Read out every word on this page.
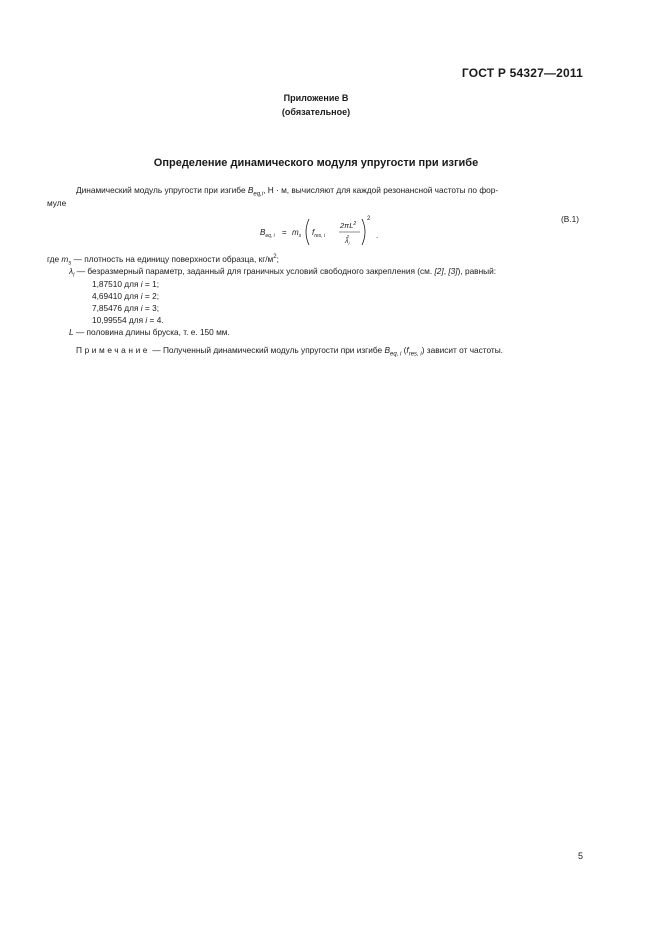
ГОСТ Р 54327—2011
Приложение В
(обязательное)
Определение динамического модуля упругости при изгибе
Динамический модуль упругости при изгибе $B_{eq,i}$, Н · м, вычисляют для каждой резонансной частоты по фор-
муле
$B_{eq, i} = m_s$ $f_{res, i}$
$2\pi L^2$
$\lambda_i2$
2
.
(В.1)
где $m_s$ — плотность на единицу поверхности образца, $кг/м^2$;
$\lambda_i$ — безразмерный параметр, заданный для граничных условий свободного закрепления (см. [2], [3]), равный:
1,87510 для i = 1;
4,69410 для i = 2;
7,85476 для i = 3;
10,99554 для i = 4.
L — половина длины бруска, т. е. 150 мм.
Примечание — Полученный динамический модуль упругости при изгибе $B_{eq, i}$ $(f_{res, i})$ зависит от частоты.
5
